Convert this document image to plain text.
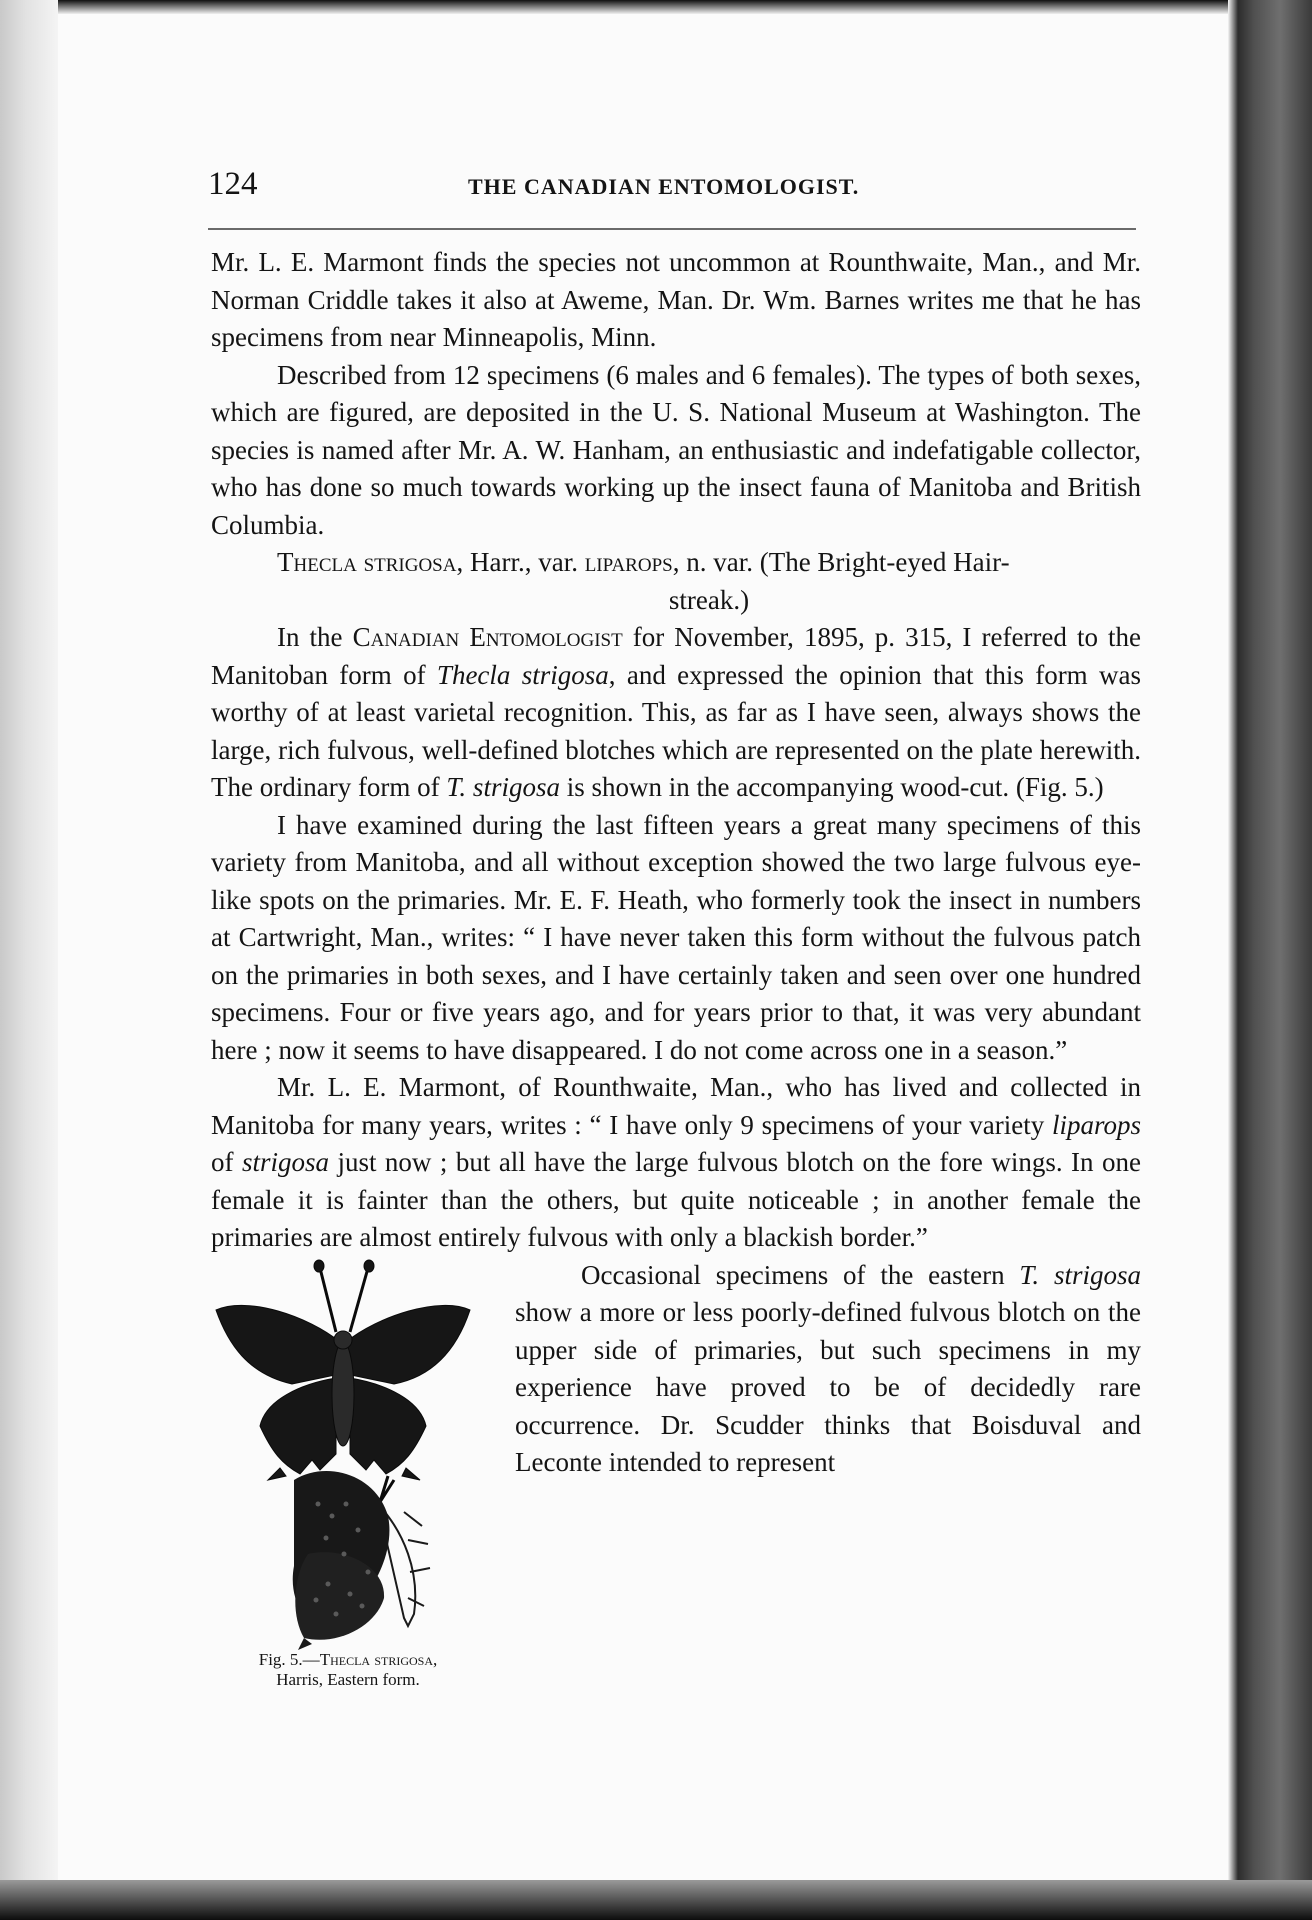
124	THE CANADIAN ENTOMOLOGIST.

Mr. L. E. Marmont finds the species not uncommon at Rounthwaite, Man., and Mr. Norman Criddle takes it also at Aweme, Man. Dr. Wm. Barnes writes me that he has specimens from near Minneapolis, Minn.

Described from 12 specimens (6 males and 6 females). The types of both sexes, which are figured, are deposited in the U. S. National Museum at Washington. The species is named after Mr. A. W. Hanham, an enthusiastic and indefatigable collector, who has done so much towards working up the insect fauna of Manitoba and British Columbia.

Thecla strigosa, Harr., var. liparops, n. var. (The Bright-eyed Hair-

streak.)

In the Canadian Entomologist for November, 1895, p. 315, I referred to the Manitoban form of Thecla strigosa, and expressed the opinion that this form was worthy of at least varietal recognition. This, as far as I have seen, always shows the large, rich fulvous, well-defined blotches which are represented on the plate herewith. The ordinary form of T. strigosa is shown in the accompanying wood-cut. (Fig. 5.)

I have examined during the last fifteen years a great many specimens of this variety from Manitoba, and all without exception showed the two large fulvous eye-like spots on the primaries. Mr. E. F. Heath, who formerly took the insect in numbers at Cartwright, Man., writes: “ I have never taken this form without the fulvous patch on the primaries in both sexes, and I have certainly taken and seen over one hundred specimens. Four or five years ago, and for years prior to that, it was very abundant here ; now it seems to have disappeared. I do not come across one in a season.”

Mr. L. E. Marmont, of Rounthwaite, Man., who has lived and collected in Manitoba for many years, writes : “ I have only 9 specimens of your variety liparops of strigosa just now ; but all have the large fulvous blotch on the fore wings. In one female it is fainter than the others, but quite noticeable ; in another female the primaries are almost entirely fulvous with only a blackish border.”

Occasional specimens of the eastern T. strigosa show a more or less poorly-defined fulvous blotch on the upper side of primaries, but such specimens in my experience have proved to be of decidedly rare occurrence. Dr. Scudder thinks that Boisduval and Leconte intended to represent

Fig. 5.—Thecla strigosa,
Harris, Eastern form.
